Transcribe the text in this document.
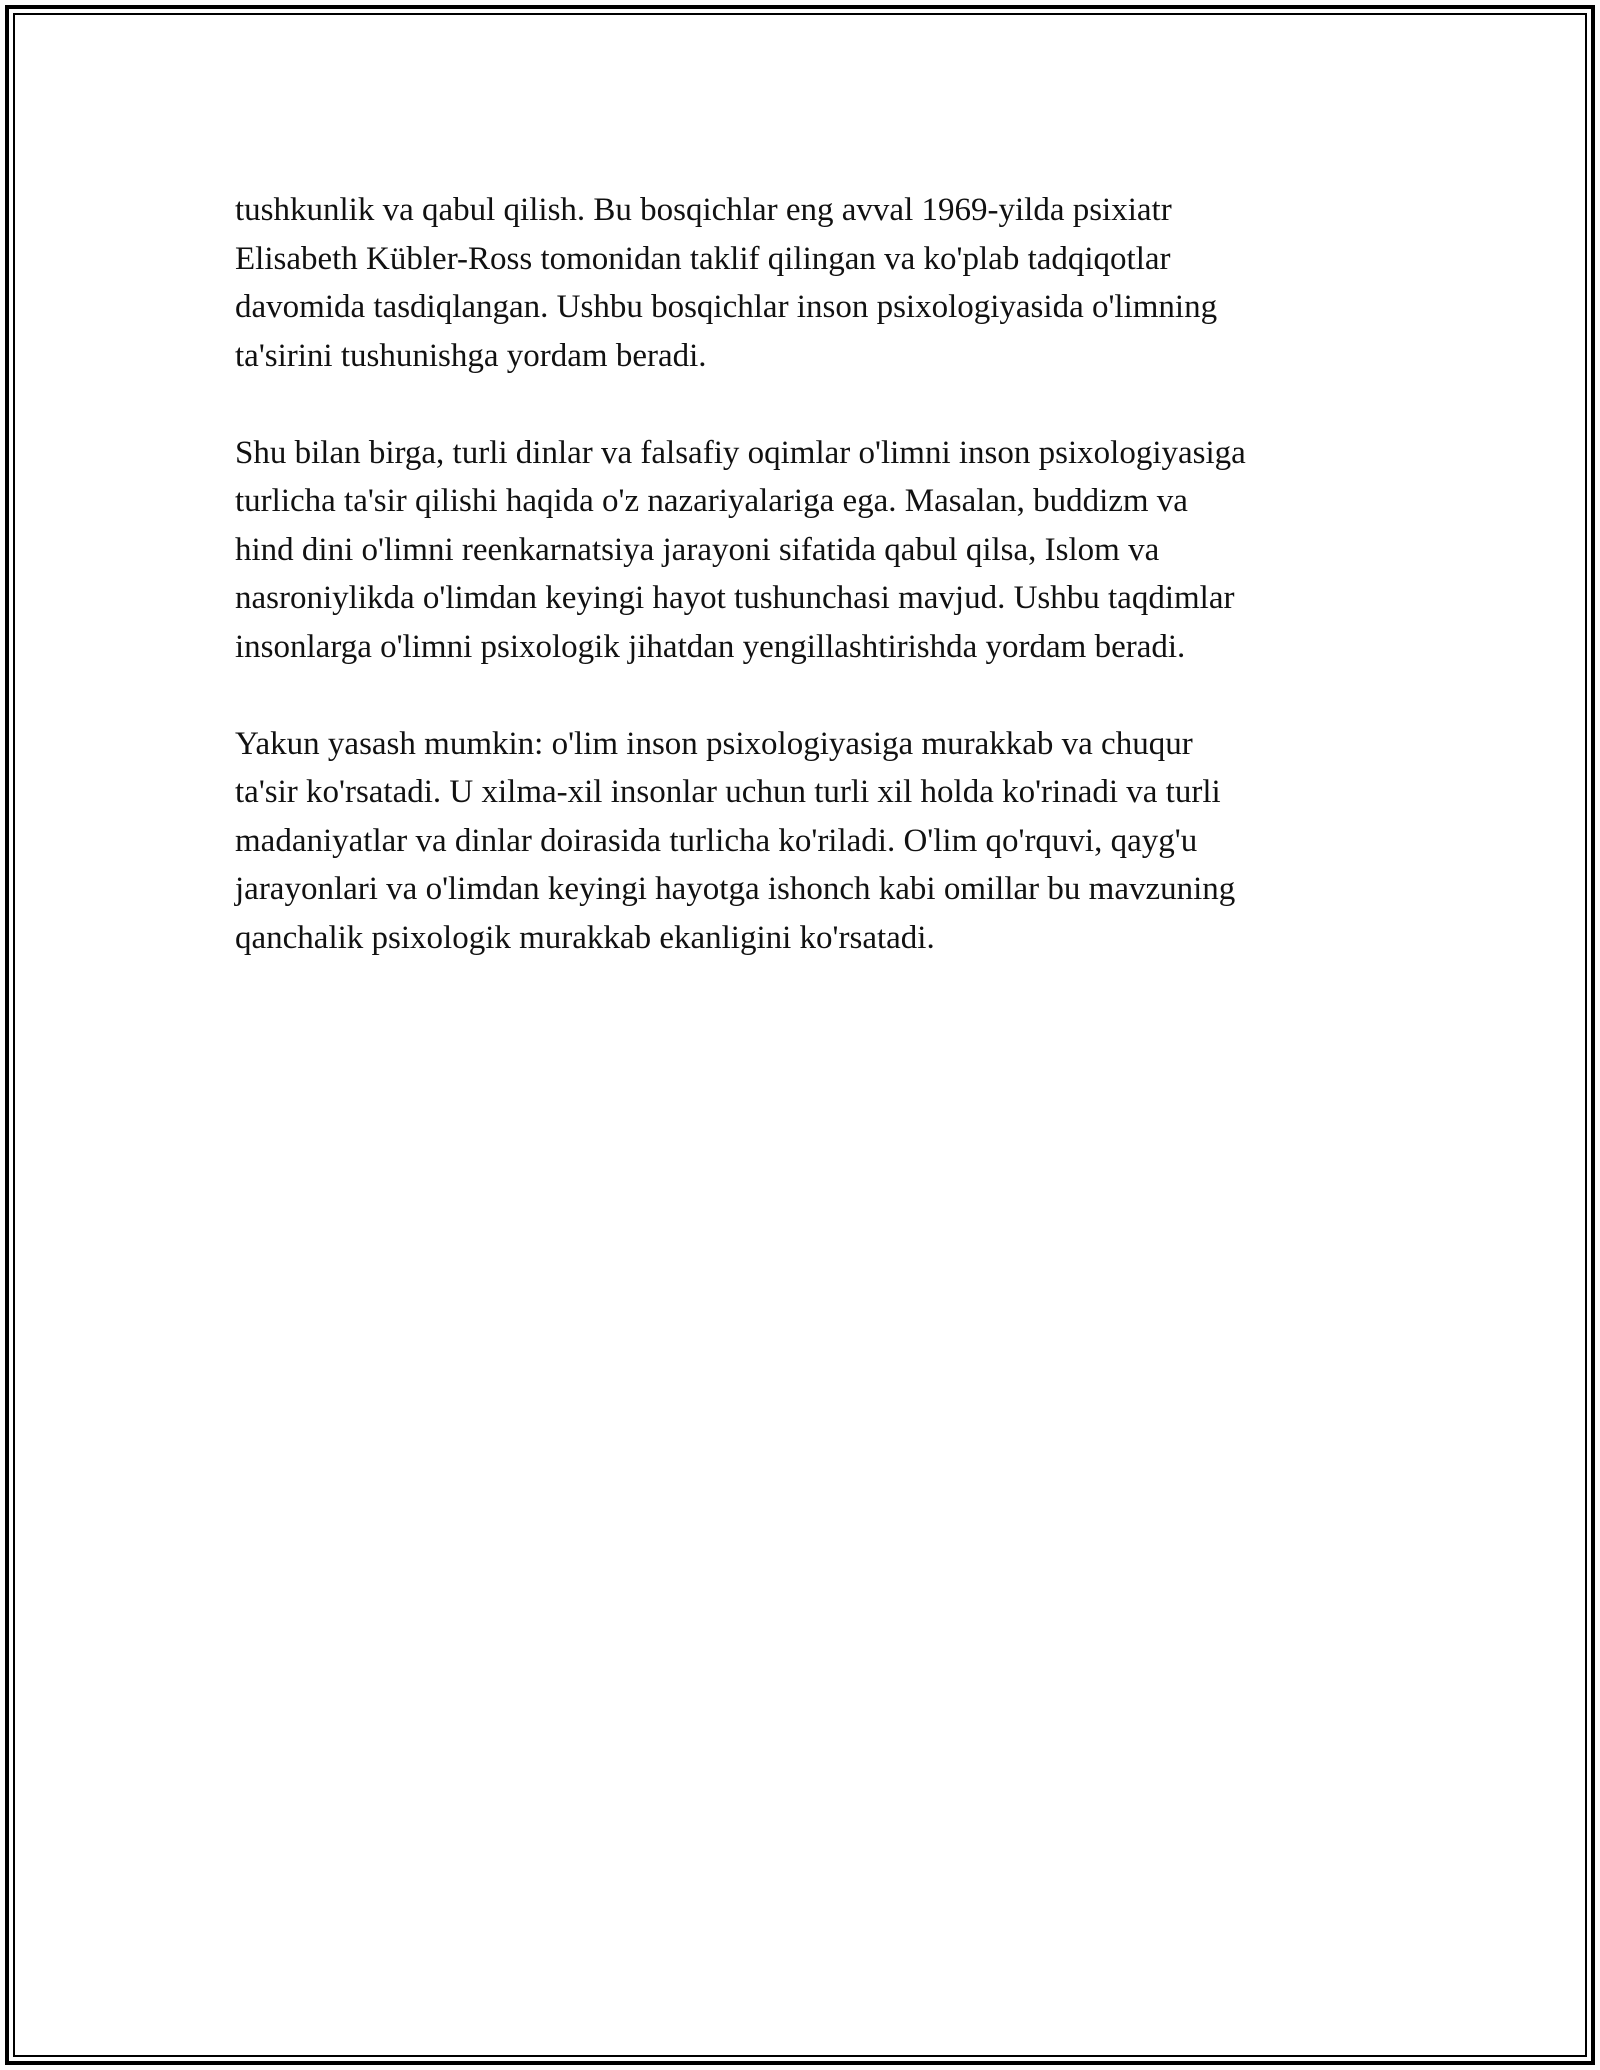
tushkunlik va qabul qilish. Bu bosqichlar eng avval 1969-yilda psixiatr
Elisabeth Kübler-Ross tomonidan taklif qilingan va ko'plab tadqiqotlar
davomida tasdiqlangan. Ushbu bosqichlar inson psixologiyasida o'limning
ta'sirini tushunishga yordam beradi.

Shu bilan birga, turli dinlar va falsafiy oqimlar o'limni inson psixologiyasiga
turlicha ta'sir qilishi haqida o'z nazariyalariga ega. Masalan, buddizm va
hind dini o'limni reenkarnatsiya jarayoni sifatida qabul qilsa, Islom va
nasroniylikda o'limdan keyingi hayot tushunchasi mavjud. Ushbu taqdimlar
insonlarga o'limni psixologik jihatdan yengillashtirishda yordam beradi.

Yakun yasash mumkin: o'lim inson psixologiyasiga murakkab va chuqur
ta'sir ko'rsatadi. U xilma-xil insonlar uchun turli xil holda ko'rinadi va turli
madaniyatlar va dinlar doirasida turlicha ko'riladi. O'lim qo'rquvi, qayg'u
jarayonlari va o'limdan keyingi hayotga ishonch kabi omillar bu mavzuning
qanchalik psixologik murakkab ekanligini ko'rsatadi.
